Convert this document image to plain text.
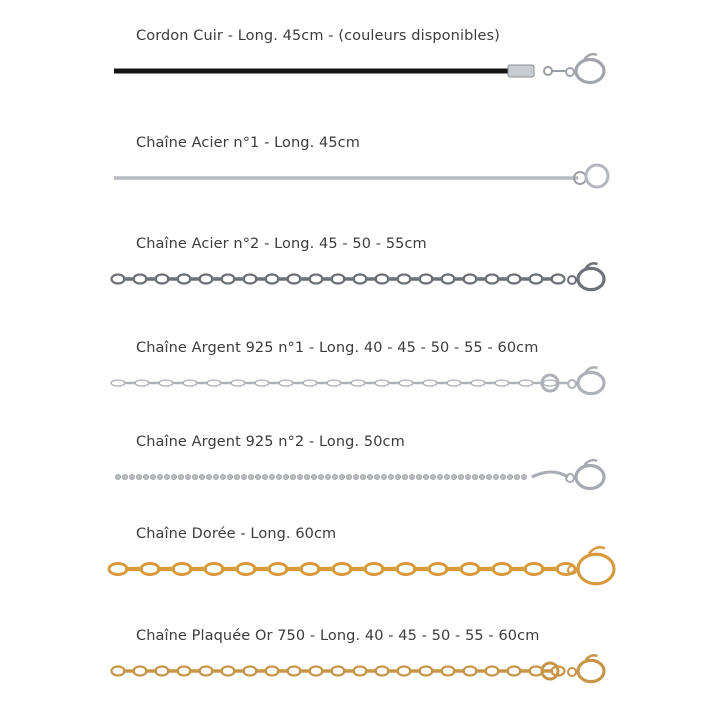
Cordon Cuir - Long. 45cm - (couleurs disponibles)
Chaîne Acier n°1 - Long. 45cm
Chaîne Acier n°2 - Long. 45 - 50 - 55cm
Chaîne Argent 925 n°1 - Long. 40 - 45 - 50 - 55 - 60cm
Chaîne Argent 925 n°2 - Long. 50cm
Chaîne Dorée - Long. 60cm
Chaîne Plaquée Or 750 - Long. 40 - 45 - 50 - 55 - 60cm
